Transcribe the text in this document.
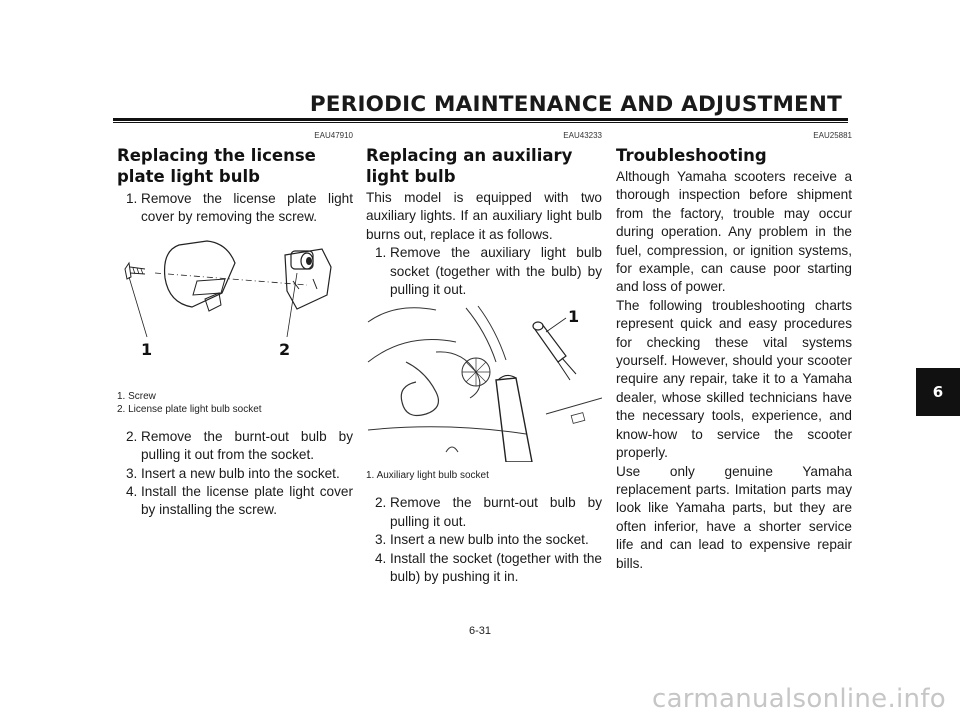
PERIODIC MAINTENANCE AND ADJUSTMENT
EAU47910
Replacing the license plate light bulb
1. Remove the license plate light cover by removing the screw.
1	2
1. Screw
2. License plate light bulb socket
2. Remove the burnt-out bulb by pulling it out from the socket.
3. Insert a new bulb into the socket.
4. Install the license plate light cover by installing the screw.
EAU43233
Replacing an auxiliary light bulb

This model is equipped with two auxiliary lights. If an auxiliary light bulb burns out, replace it as follows.

1. Remove the auxiliary light bulb socket (together with the bulb) by pulling it out.
1
1. Auxiliary light bulb socket
2. Remove the burnt-out bulb by pulling it out.
3. Insert a new bulb into the socket.
4. Install the socket (together with the bulb) by pushing it in.
EAU25881
Troubleshooting

Although Yamaha scooters receive a thorough inspection before shipment from the factory, trouble may occur during operation. Any problem in the fuel, compression, or ignition systems, for example, can cause poor starting and loss of power.

The following troubleshooting charts represent quick and easy procedures for checking these vital systems yourself. However, should your scooter require any repair, take it to a Yamaha dealer, whose skilled technicians have the necessary tools, experience, and know-how to service the scooter properly.

Use only genuine Yamaha replacement parts. Imitation parts may look like Yamaha parts, but they are often inferior, have a shorter service life and can lead to expensive repair bills.

6
6-31
carmanualsonline.info
